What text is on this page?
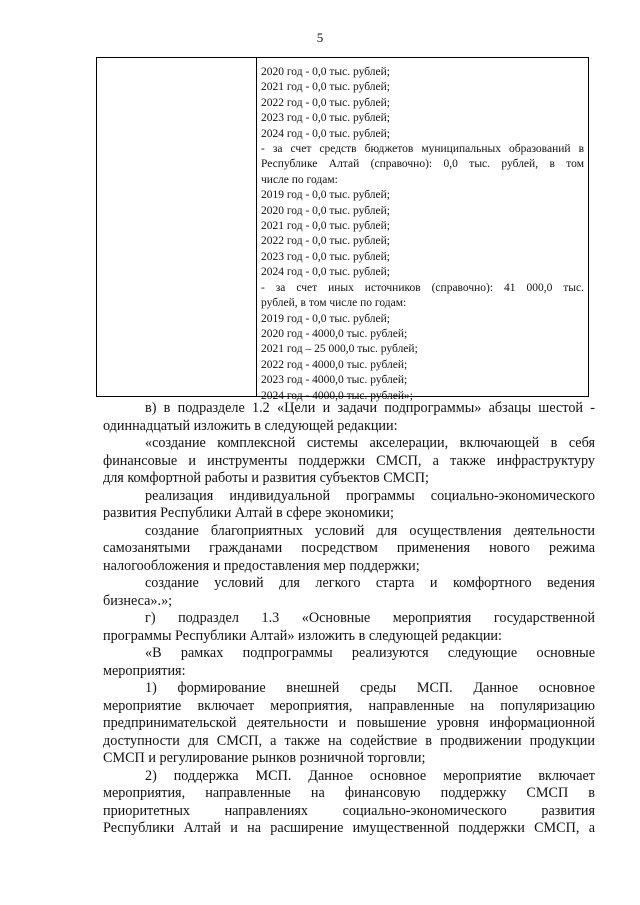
5
2020 год - 0,0 тыс. рублей;
2021 год - 0,0 тыс. рублей;
2022 год - 0,0 тыс. рублей;
2023 год - 0,0 тыс. рублей;
2024 год - 0,0 тыс. рублей;
- за счет средств бюджетов муниципальных образований в
Республике Алтай (справочно): 0,0 тыс. рублей, в том
числе по годам:
2019 год - 0,0 тыс. рублей;
2020 год - 0,0 тыс. рублей;
2021 год - 0,0 тыс. рублей;
2022 год - 0,0 тыс. рублей;
2023 год - 0,0 тыс. рублей;
2024 год - 0,0 тыс. рублей;
- за счет иных источников (справочно): 41 000,0 тыс.
рублей, в том числе по годам:
2019 год - 0,0 тыс. рублей;
2020 год - 4000,0 тыс. рублей;
2021 год – 25 000,0 тыс. рублей;
2022 год - 4000,0 тыс. рублей;
2023 год - 4000,0 тыс. рублей;
2024 год - 4000,0 тыс. рублей»;
в) в подразделе 1.2 «Цели и задачи подпрограммы» абзацы шестой -
одиннадцатый изложить в следующей редакции:
«создание комплексной системы акселерации, включающей в себя
финансовые и инструменты поддержки СМСП, а также инфраструктуру
для комфортной работы и развития субъектов СМСП;
реализация индивидуальной программы социально-экономического
развития Республики Алтай в сфере экономики;
создание благоприятных условий для осуществления деятельности
самозанятыми гражданами посредством применения нового режима
налогообложения и предоставления мер поддержки;
создание условий для легкого старта и комфортного ведения
бизнеса».»;
г) подраздел 1.3 «Основные мероприятия государственной
программы Республики Алтай» изложить в следующей редакции:
«В рамках подпрограммы реализуются следующие основные
мероприятия:
1) формирование внешней среды МСП. Данное основное
мероприятие включает мероприятия, направленные на популяризацию
предпринимательской деятельности и повышение уровня информационной
доступности для СМСП, а также на содействие в продвижении продукции
СМСП и регулирование рынков розничной торговли;
2) поддержка МСП. Данное основное мероприятие включает
мероприятия, направленные на финансовую поддержку СМСП в
приоритетных направлениях социально-экономического развития
Республики Алтай и на расширение имущественной поддержки СМСП, а
